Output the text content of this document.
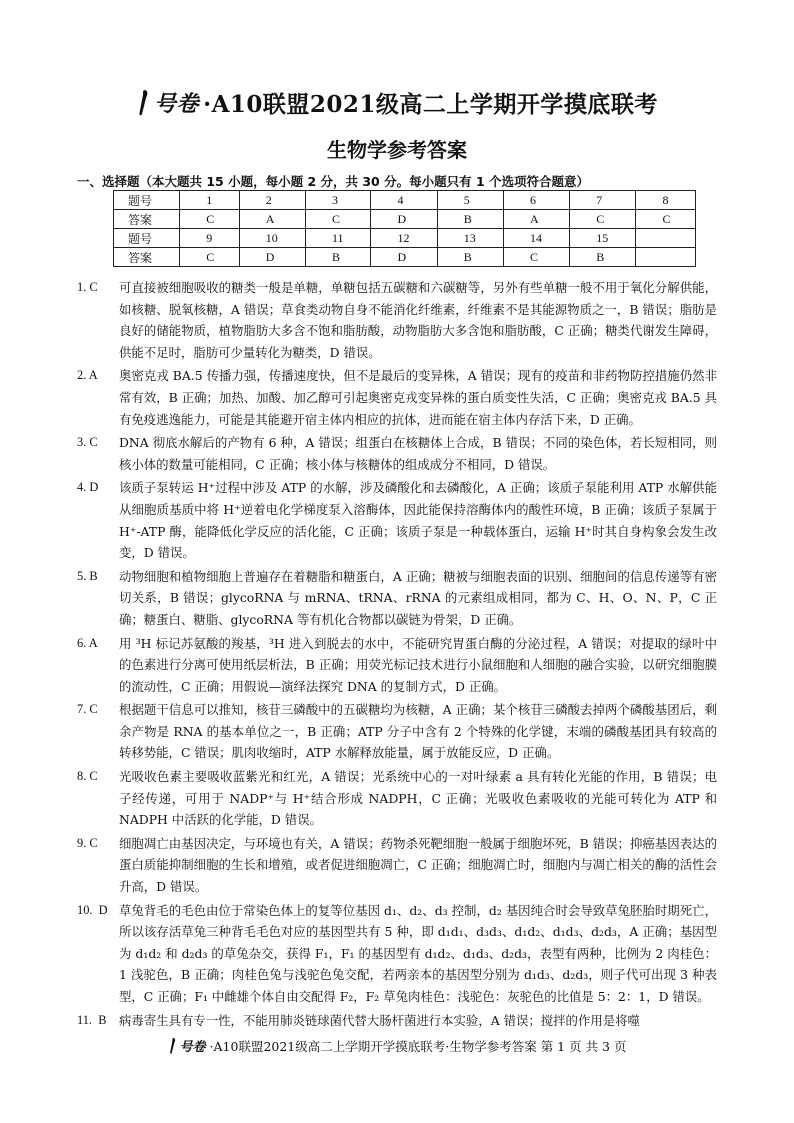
号卷 ·A10联盟2021级高二上学期开学摸底联考
生物学参考答案
一、选择题（本大题共 15 小题，每小题 2 分，共 30 分。每小题只有 1 个选项符合题意）
题号	1	2	3	4	5	6	7	8
答案	C	A	C	D	B	A	C	C
题号	9	10	11	12	13	14	15	
答案	C	D	B	D	B	C	B	
1. C	可直接被细胞吸收的糖类一般是单糖，单糖包括五碳糖和六碳糖等，另外有些单糖一般不用于氧化分解供能，如核糖、脱氧核糖，A 错误；草食类动物自身不能消化纤维素，纤维素不是其能源物质之一，B 错误；脂肪是良好的储能物质，植物脂肪大多含不饱和脂肪酸，动物脂肪大多含饱和脂肪酸，C 正确；糖类代谢发生障碍，供能不足时，脂肪可少量转化为糖类，D 错误。
2. A	奥密克戎 BA.5 传播力强，传播速度快，但不是最后的变异株，A 错误；现有的疫苗和非药物防控措施仍然非常有效，B 正确；加热、加酸、加乙醇可引起奥密克戎变异株的蛋白质变性失活，C 正确；奥密克戎 BA.5 具有免疫逃逸能力，可能是其能避开宿主体内相应的抗体，进而能在宿主体内存活下来，D 正确。
3. C	DNA 彻底水解后的产物有 6 种，A 错误；组蛋白在核糖体上合成，B 错误；不同的染色体，若长短相同，则核小体的数量可能相同，C 正确；核小体与核糖体的组成成分不相同，D 错误。
4. D	该质子泵转运 H⁺过程中涉及 ATP 的水解，涉及磷酸化和去磷酸化，A 正确；该质子泵能利用 ATP 水解供能从细胞质基质中将 H⁺逆着电化学梯度泵入溶酶体，因此能保持溶酶体内的酸性环境，B 正确；该质子泵属于 H⁺-ATP 酶，能降低化学反应的活化能，C 正确；该质子泵是一种载体蛋白，运输 H⁺时其自身构象会发生改变，D 错误。
5. B	动物细胞和植物细胞上普遍存在着糖脂和糖蛋白，A 正确；糖被与细胞表面的识别、细胞间的信息传递等有密切关系，B 错误；glycoRNA 与 mRNA、tRNA、rRNA 的元素组成相同，都为 C、H、O、N、P，C 正确；糖蛋白、糖脂、glycoRNA 等有机化合物都以碳链为骨架，D 正确。
6. A	用 ³H 标记苏氨酸的羧基，³H 进入到脱去的水中，不能研究胃蛋白酶的分泌过程，A 错误；对提取的绿叶中的色素进行分离可使用纸层析法，B 正确；用荧光标记技术进行小鼠细胞和人细胞的融合实验，以研究细胞膜的流动性，C 正确；用假说—演绎法探究 DNA 的复制方式，D 正确。
7. C	根据题干信息可以推知，核苷三磷酸中的五碳糖均为核糖，A 正确；某个核苷三磷酸去掉两个磷酸基团后，剩余产物是 RNA 的基本单位之一，B 正确；ATP 分子中含有 2 个特殊的化学键，末端的磷酸基团具有较高的转移势能，C 错误；肌肉收缩时，ATP 水解释放能量，属于放能反应，D 正确。
8. C	光吸收色素主要吸收蓝紫光和红光，A 错误；光系统中心的一对叶绿素 a 具有转化光能的作用，B 错误；电子经传递，可用于 NADP⁺与 H⁺结合形成 NADPH，C 正确；光吸收色素吸收的光能可转化为 ATP 和 NADPH 中活跃的化学能，D 错误。
9. C	细胞凋亡由基因决定，与环境也有关，A 错误；药物杀死靶细胞一般属于细胞坏死，B 错误；抑癌基因表达的蛋白质能抑制细胞的生长和增殖，或者促进细胞凋亡，C 正确；细胞凋亡时，细胞内与凋亡相关的酶的活性会升高，D 错误。
10.  D 草兔背毛的毛色由位于常染色体上的复等位基因 d₁、d₂、d₃ 控制，d₂ 基因纯合时会导致草兔胚胎时期死亡，所以该存活草兔三种背毛毛色对应的基因型共有 5 种，即 d₁d₁、d₃d₃、d₁d₂、d₁d₃、d₂d₃，A 正确；基因型为 d₁d₂ 和 d₂d₃ 的草兔杂交，获得 F₁，F₁ 的基因型有 d₁d₂、d₁d₃、d₂d₃，表型有两种，比例为 2 肉桂色：1 浅驼色，B 正确；肉桂色兔与浅驼色兔交配，若两亲本的基因型分别为 d₁d₃、d₂d₃，则子代可出现 3 种表型，C 正确；F₁ 中雌雄个体自由交配得 F₂，F₂ 草兔肉桂色：浅驼色：灰驼色的比值是 5：2：1，D 错误。
11.  B	病毒寄生具有专一性，不能用肺炎链球菌代替大肠杆菌进行本实验，A 错误；搅拌的作用是将噬
号卷 ·A10联盟2021级高二上学期开学摸底联考·生物学参考答案 第 1 页 共 3 页
